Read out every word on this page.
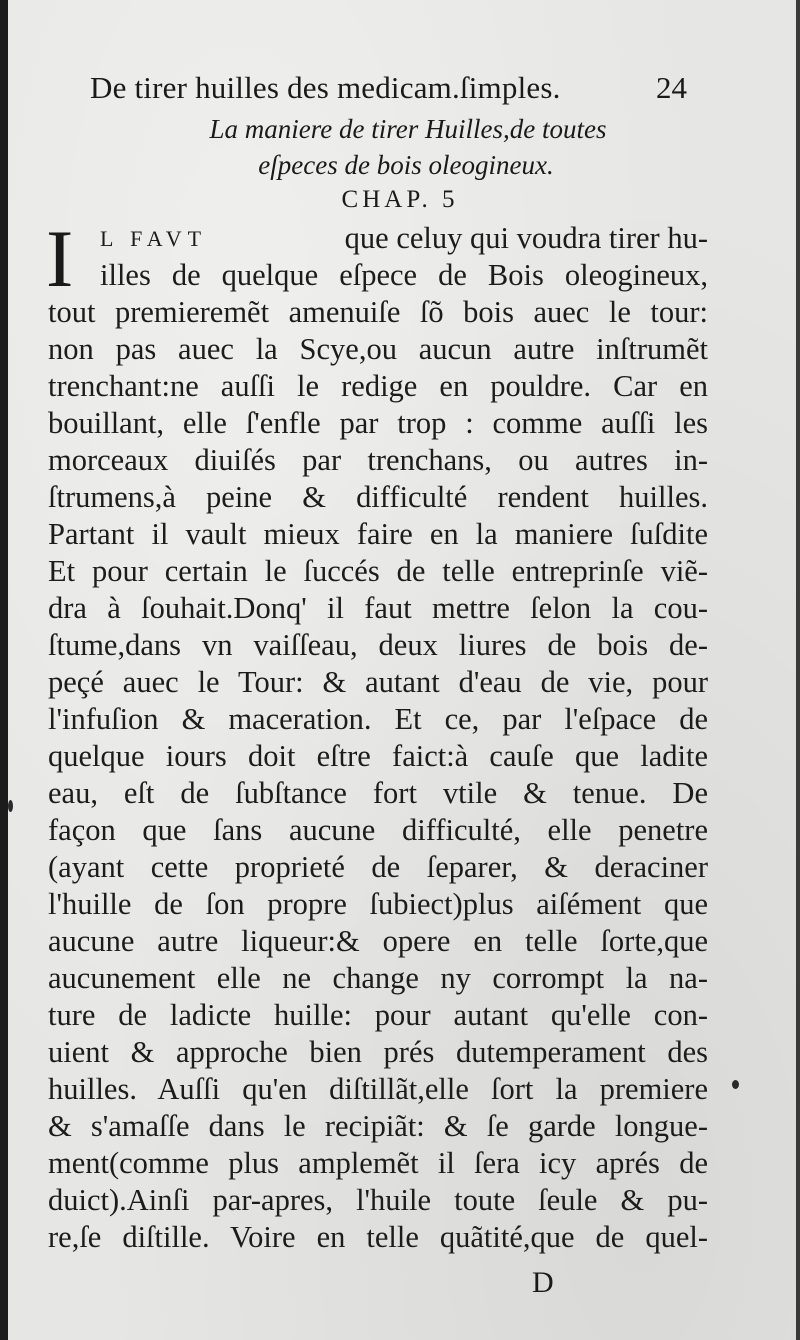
De tirer huilles des medicam.ſimples.	24
La maniere de tirer Huilles,de toutes
eſpeces de bois oleogineux.
CHAP. 5
I L FAVT	que celuy qui voudra tirer hu-
illes de quelque eſpece de Bois oleogineux,
tout premieremẽt amenuiſe ſõ bois auec le tour:
non pas auec la Scye,ou aucun autre inſtrumẽt
trenchant:ne auſſi le redige en pouldre. Car en
bouillant, elle ſ'enfle par trop : comme auſſi les
morceaux diuiſés par trenchans, ou autres in-
ſtrumens,à peine & difficulté rendent huilles.
Partant il vault mieux faire en la maniere ſuſdite
Et pour certain le ſuccés de telle entreprinſe viẽ-
dra à ſouhait.Donq' il faut mettre ſelon la cou-
ſtume,dans vn vaiſſeau, deux liures de bois de-
peçé auec le Tour: & autant d'eau de vie, pour
l'infuſion & maceration. Et ce, par l'eſpace de
quelque iours doit eſtre faict:à cauſe que ladite
eau, eſt de ſubſtance fort vtile & tenue. De
façon que ſans aucune difficulté, elle penetre
(ayant cette proprieté de ſeparer, & deraciner
l'huille de ſon propre ſubiect)plus aiſément que
aucune autre liqueur:& opere en telle ſorte,que
aucunement elle ne change ny corrompt la na-
ture de ladicte huille: pour autant qu'elle con-
uient & approche bien prés dutemperament des
huilles. Auſſi qu'en diſtillãt,elle ſort la premiere
& s'amaſſe dans le recipiãt: & ſe garde longue-
ment(comme plus amplemẽt il ſera icy aprés de
duict).Ainſi par-apres, l'huile toute ſeule & pu-
re,ſe diſtille. Voire en telle quãtité,que de quel-
D
